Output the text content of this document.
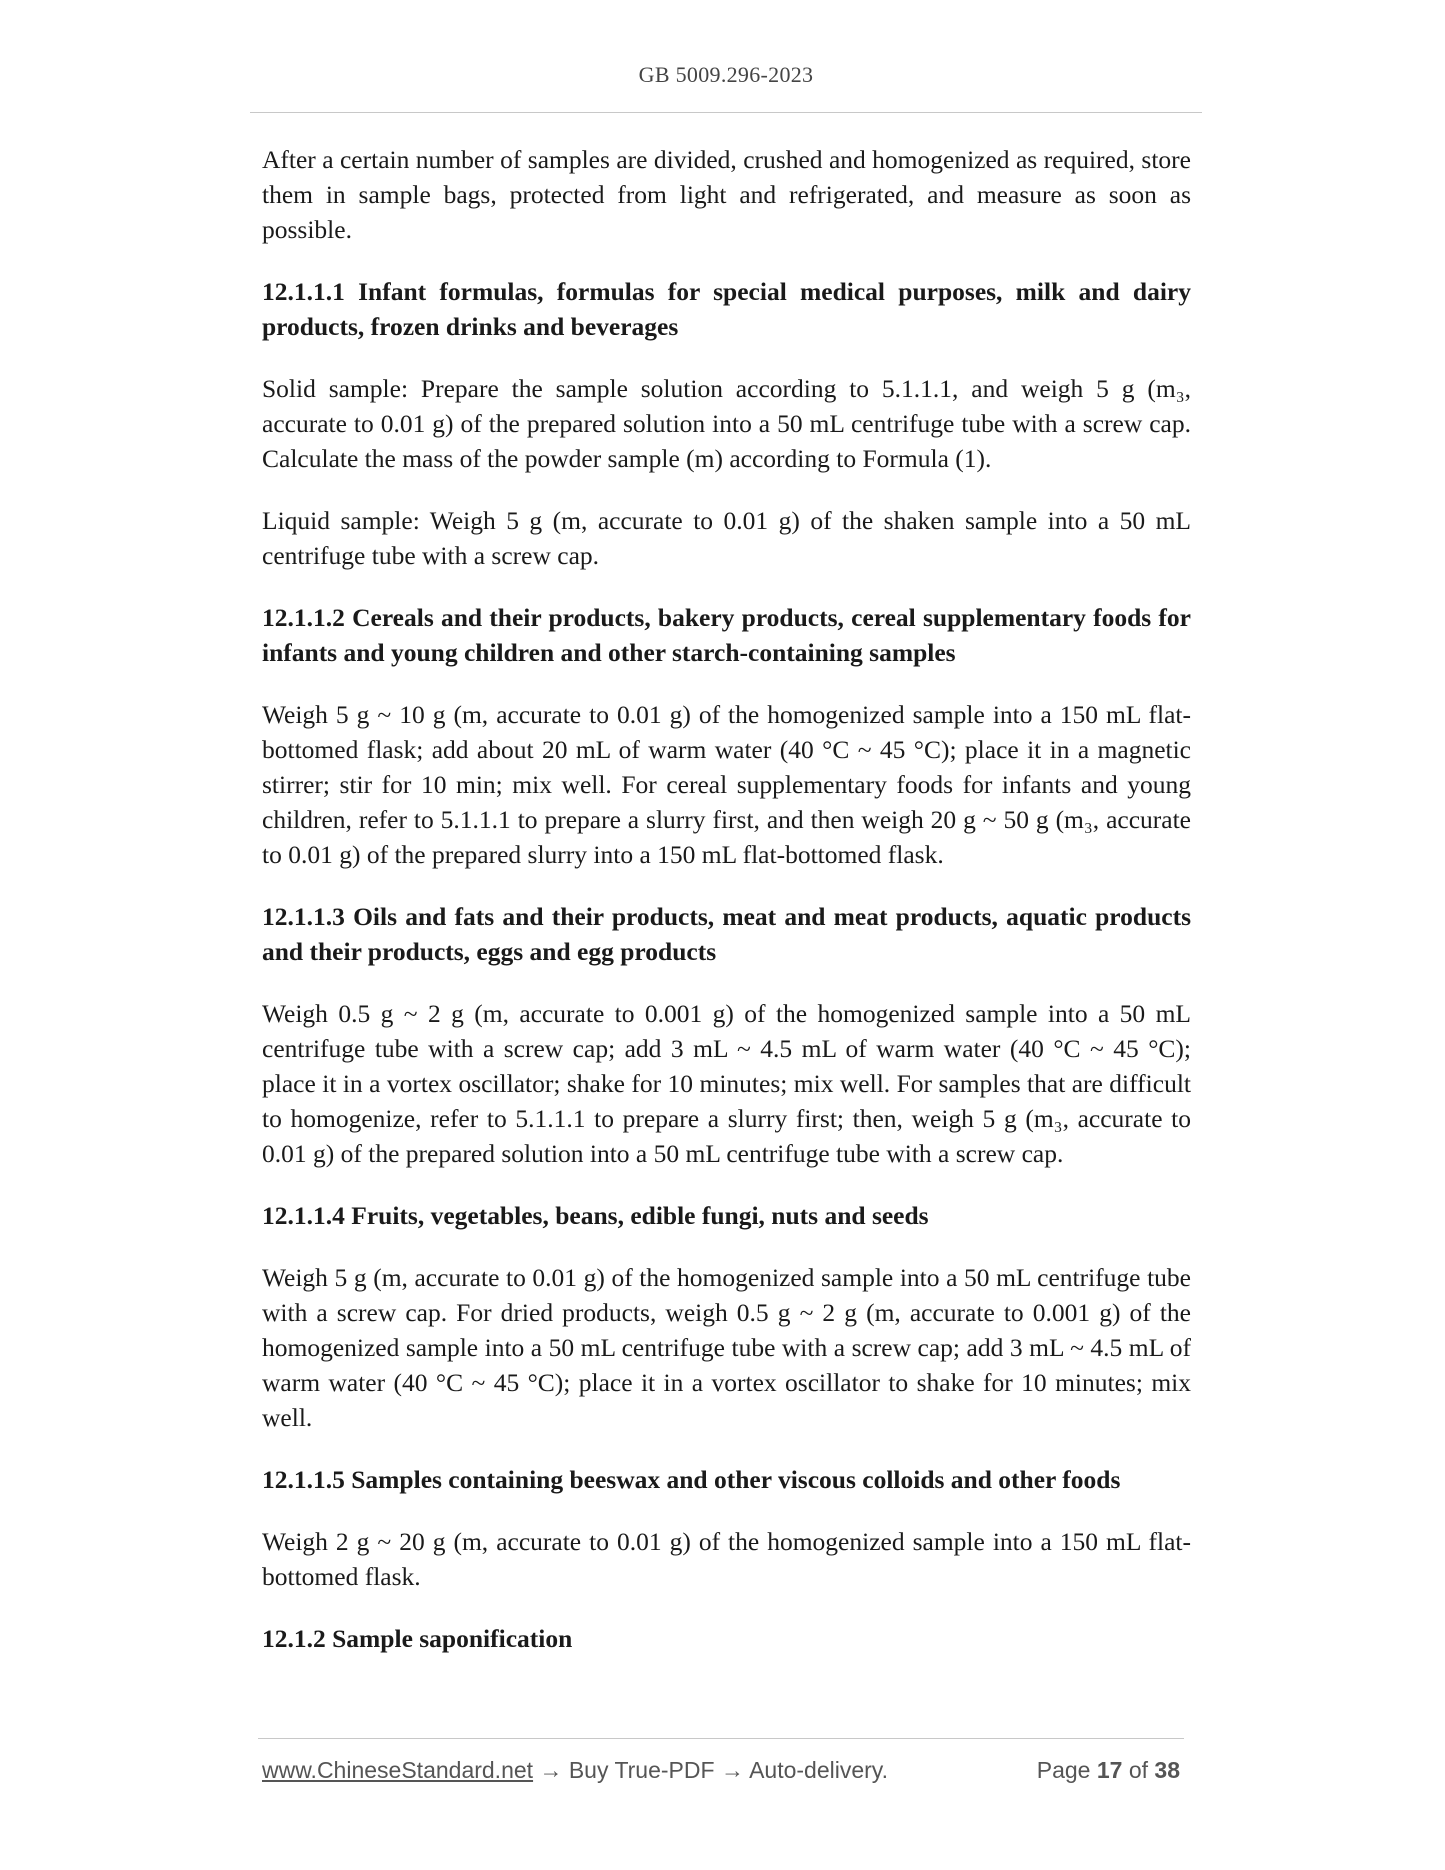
GB 5009.296-2023

After a certain number of samples are divided, crushed and homogenized as required, store them in sample bags, protected from light and refrigerated, and measure as soon as possible.

12.1.1.1 Infant formulas, formulas for special medical purposes, milk and dairy products, frozen drinks and beverages

Solid sample: Prepare the sample solution according to 5.1.1.1, and weigh 5 g (m₃, accurate to 0.01 g) of the prepared solution into a 50 mL centrifuge tube with a screw cap. Calculate the mass of the powder sample (m) according to Formula (1).

Liquid sample: Weigh 5 g (m, accurate to 0.01 g) of the shaken sample into a 50 mL centrifuge tube with a screw cap.

12.1.1.2 Cereals and their products, bakery products, cereal supplementary foods for infants and young children and other starch-containing samples

Weigh 5 g ~ 10 g (m, accurate to 0.01 g) of the homogenized sample into a 150 mL flat-bottomed flask; add about 20 mL of warm water (40 °C ~ 45 °C); place it in a magnetic stirrer; stir for 10 min; mix well. For cereal supplementary foods for infants and young children, refer to 5.1.1.1 to prepare a slurry first, and then weigh 20 g ~ 50 g (m₃, accurate to 0.01 g) of the prepared slurry into a 150 mL flat-bottomed flask.

12.1.1.3 Oils and fats and their products, meat and meat products, aquatic products and their products, eggs and egg products

Weigh 0.5 g ~ 2 g (m, accurate to 0.001 g) of the homogenized sample into a 50 mL centrifuge tube with a screw cap; add 3 mL ~ 4.5 mL of warm water (40 °C ~ 45 °C); place it in a vortex oscillator; shake for 10 minutes; mix well. For samples that are difficult to homogenize, refer to 5.1.1.1 to prepare a slurry first; then, weigh 5 g (m₃, accurate to 0.01 g) of the prepared solution into a 50 mL centrifuge tube with a screw cap.

12.1.1.4 Fruits, vegetables, beans, edible fungi, nuts and seeds

Weigh 5 g (m, accurate to 0.01 g) of the homogenized sample into a 50 mL centrifuge tube with a screw cap. For dried products, weigh 0.5 g ~ 2 g (m, accurate to 0.001 g) of the homogenized sample into a 50 mL centrifuge tube with a screw cap; add 3 mL ~ 4.5 mL of warm water (40 °C ~ 45 °C); place it in a vortex oscillator to shake for 10 minutes; mix well.

12.1.1.5 Samples containing beeswax and other viscous colloids and other foods

Weigh 2 g ~ 20 g (m, accurate to 0.01 g) of the homogenized sample into a 150 mL flat-bottomed flask.

12.1.2 Sample saponification

www.ChineseStandard.net → Buy True-PDF → Auto-delivery.	Page 17 of 38
